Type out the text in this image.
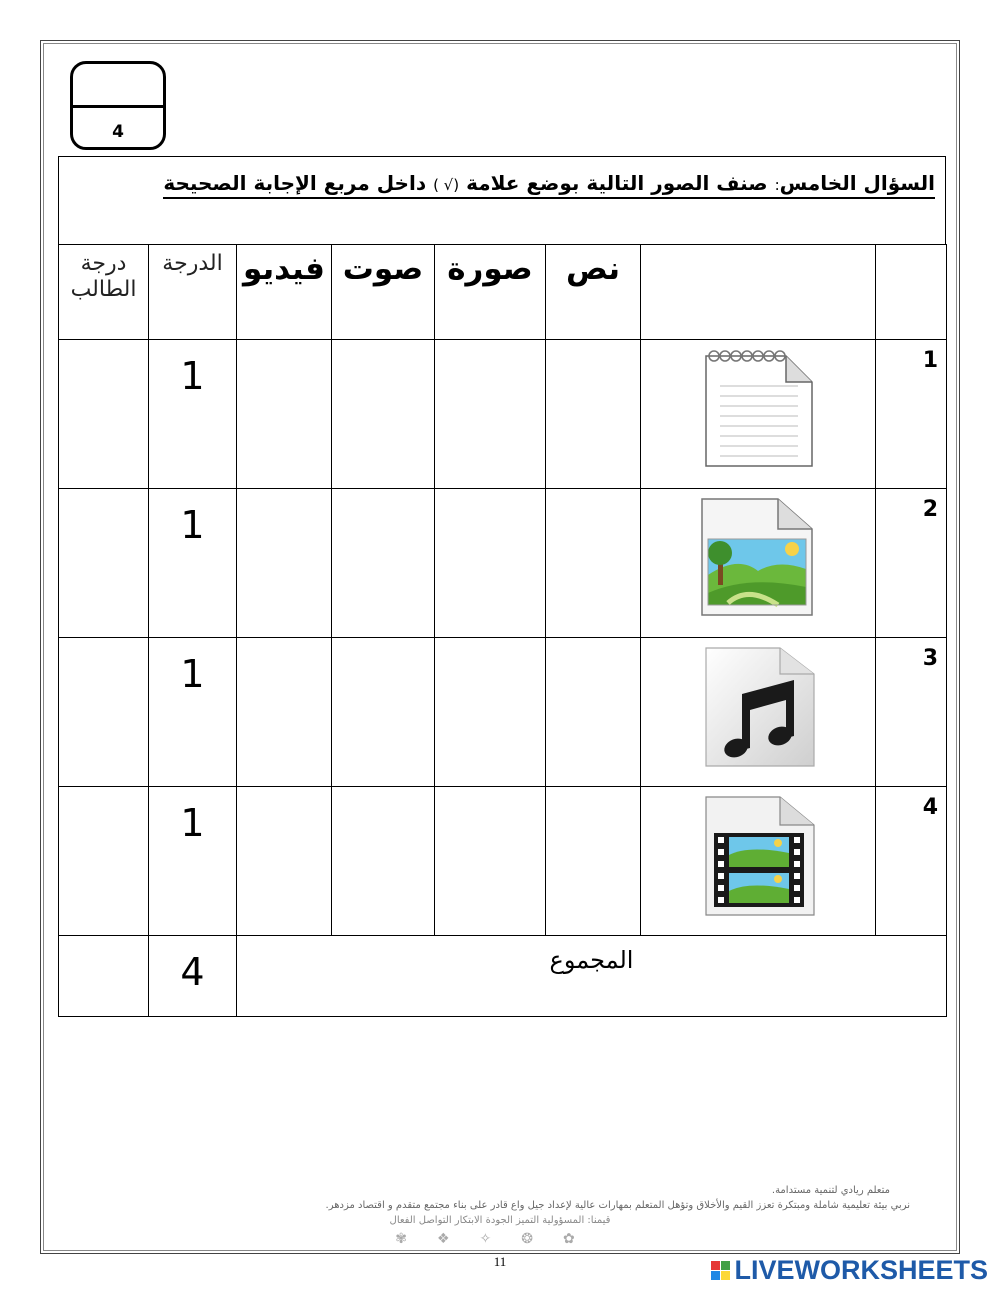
4
السؤال الخامس: صنف الصور التالية بوضع علامة (√ ) داخل مربع الإجابة الصحيحة
		نص	صورة	صوت	فيديو	الدرجة	درجة الطالب
1						1	
2						1	
3						1	
4						1	
المجموع						4	
متعلم ريادي لتنمية مستدامة.
نربي بيئة تعليمية شاملة ومبتكرة تعزز القيم والأخلاق وتؤهل المتعلم بمهارات عالية لإعداد جيل واع قادر على بناء مجتمع متقدم و اقتصاد مزدهر.
قيمنا: المسؤولية التميز الجودة الابتكار التواصل الفعال
✿❂✧❖✾
11	LIVEWORKSHEETS
